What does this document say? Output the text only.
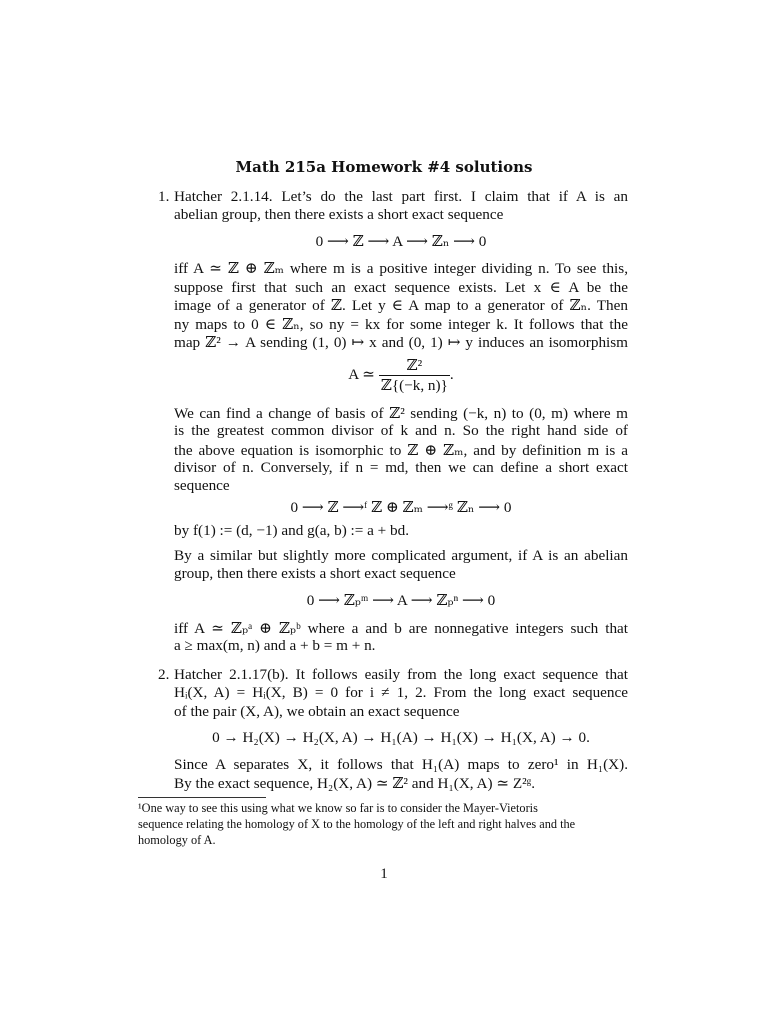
Math 215a Homework #4 solutions
1. Hatcher 2.1.14. Let’s do the last part first. I claim that if A is an
abelian group, then there exists a short exact sequence
0 ⟶ ℤ ⟶ A ⟶ ℤₙ ⟶ 0
iff A ≃ ℤ ⊕ ℤₘ where m is a positive integer dividing n. To see this,
suppose first that such an exact sequence exists. Let x ∈ A be the
image of a generator of ℤ. Let y ∈ A map to a generator of ℤₙ. Then
ny maps to 0 ∈ ℤₙ, so ny = kx for some integer k. It follows that the
map ℤ² → A sending (1, 0) ↦ x and (0, 1) ↦ y induces an isomorphism
A ≃ $\frac{\text{ℤ²}}{\text{ℤ\{(−k, n)\}}}$ .
We can find a change of basis of ℤ² sending (−k, n) to (0, m) where m
is the greatest common divisor of k and n. So the right hand side of
the above equation is isomorphic to ℤ ⊕ ℤₘ, and by definition m is a
divisor of n. Conversely, if n = md, then we can define a short exact
sequence
0 ⟶ ℤ ⟶ᶠ ℤ ⊕ ℤₘ ⟶ᵍ ℤₙ ⟶ 0
by f(1) := (d, −1) and g(a, b) := a + bd.
By a similar but slightly more complicated argument, if A is an abelian
group, then there exists a short exact sequence
0 ⟶ ℤₚᵐ ⟶ A ⟶ ℤₚⁿ ⟶ 0
iff A ≃ ℤₚᵃ ⊕ ℤₚᵇ where a and b are nonnegative integers such that
a ≥ max(m, n) and a + b = m + n.
2. Hatcher 2.1.17(b). It follows easily from the long exact sequence that
Hᵢ(X, A) = Hᵢ(X, B) = 0 for i ≠ 1, 2. From the long exact sequence
of the pair (X, A), we obtain an exact sequence
0 → H₂(X) → H₂(X, A) → H₁(A) → H₁(X) → H₁(X, A) → 0.
Since A separates X, it follows that H₁(A) maps to zero¹ in H₁(X).
By the exact sequence, H₂(X, A) ≃ ℤ² and H₁(X, A) ≃ Z²ᵍ.
¹One way to see this using what we know so far is to consider the Mayer-Vietoris
sequence relating the homology of X to the homology of the left and right halves and the
homology of A.
1
